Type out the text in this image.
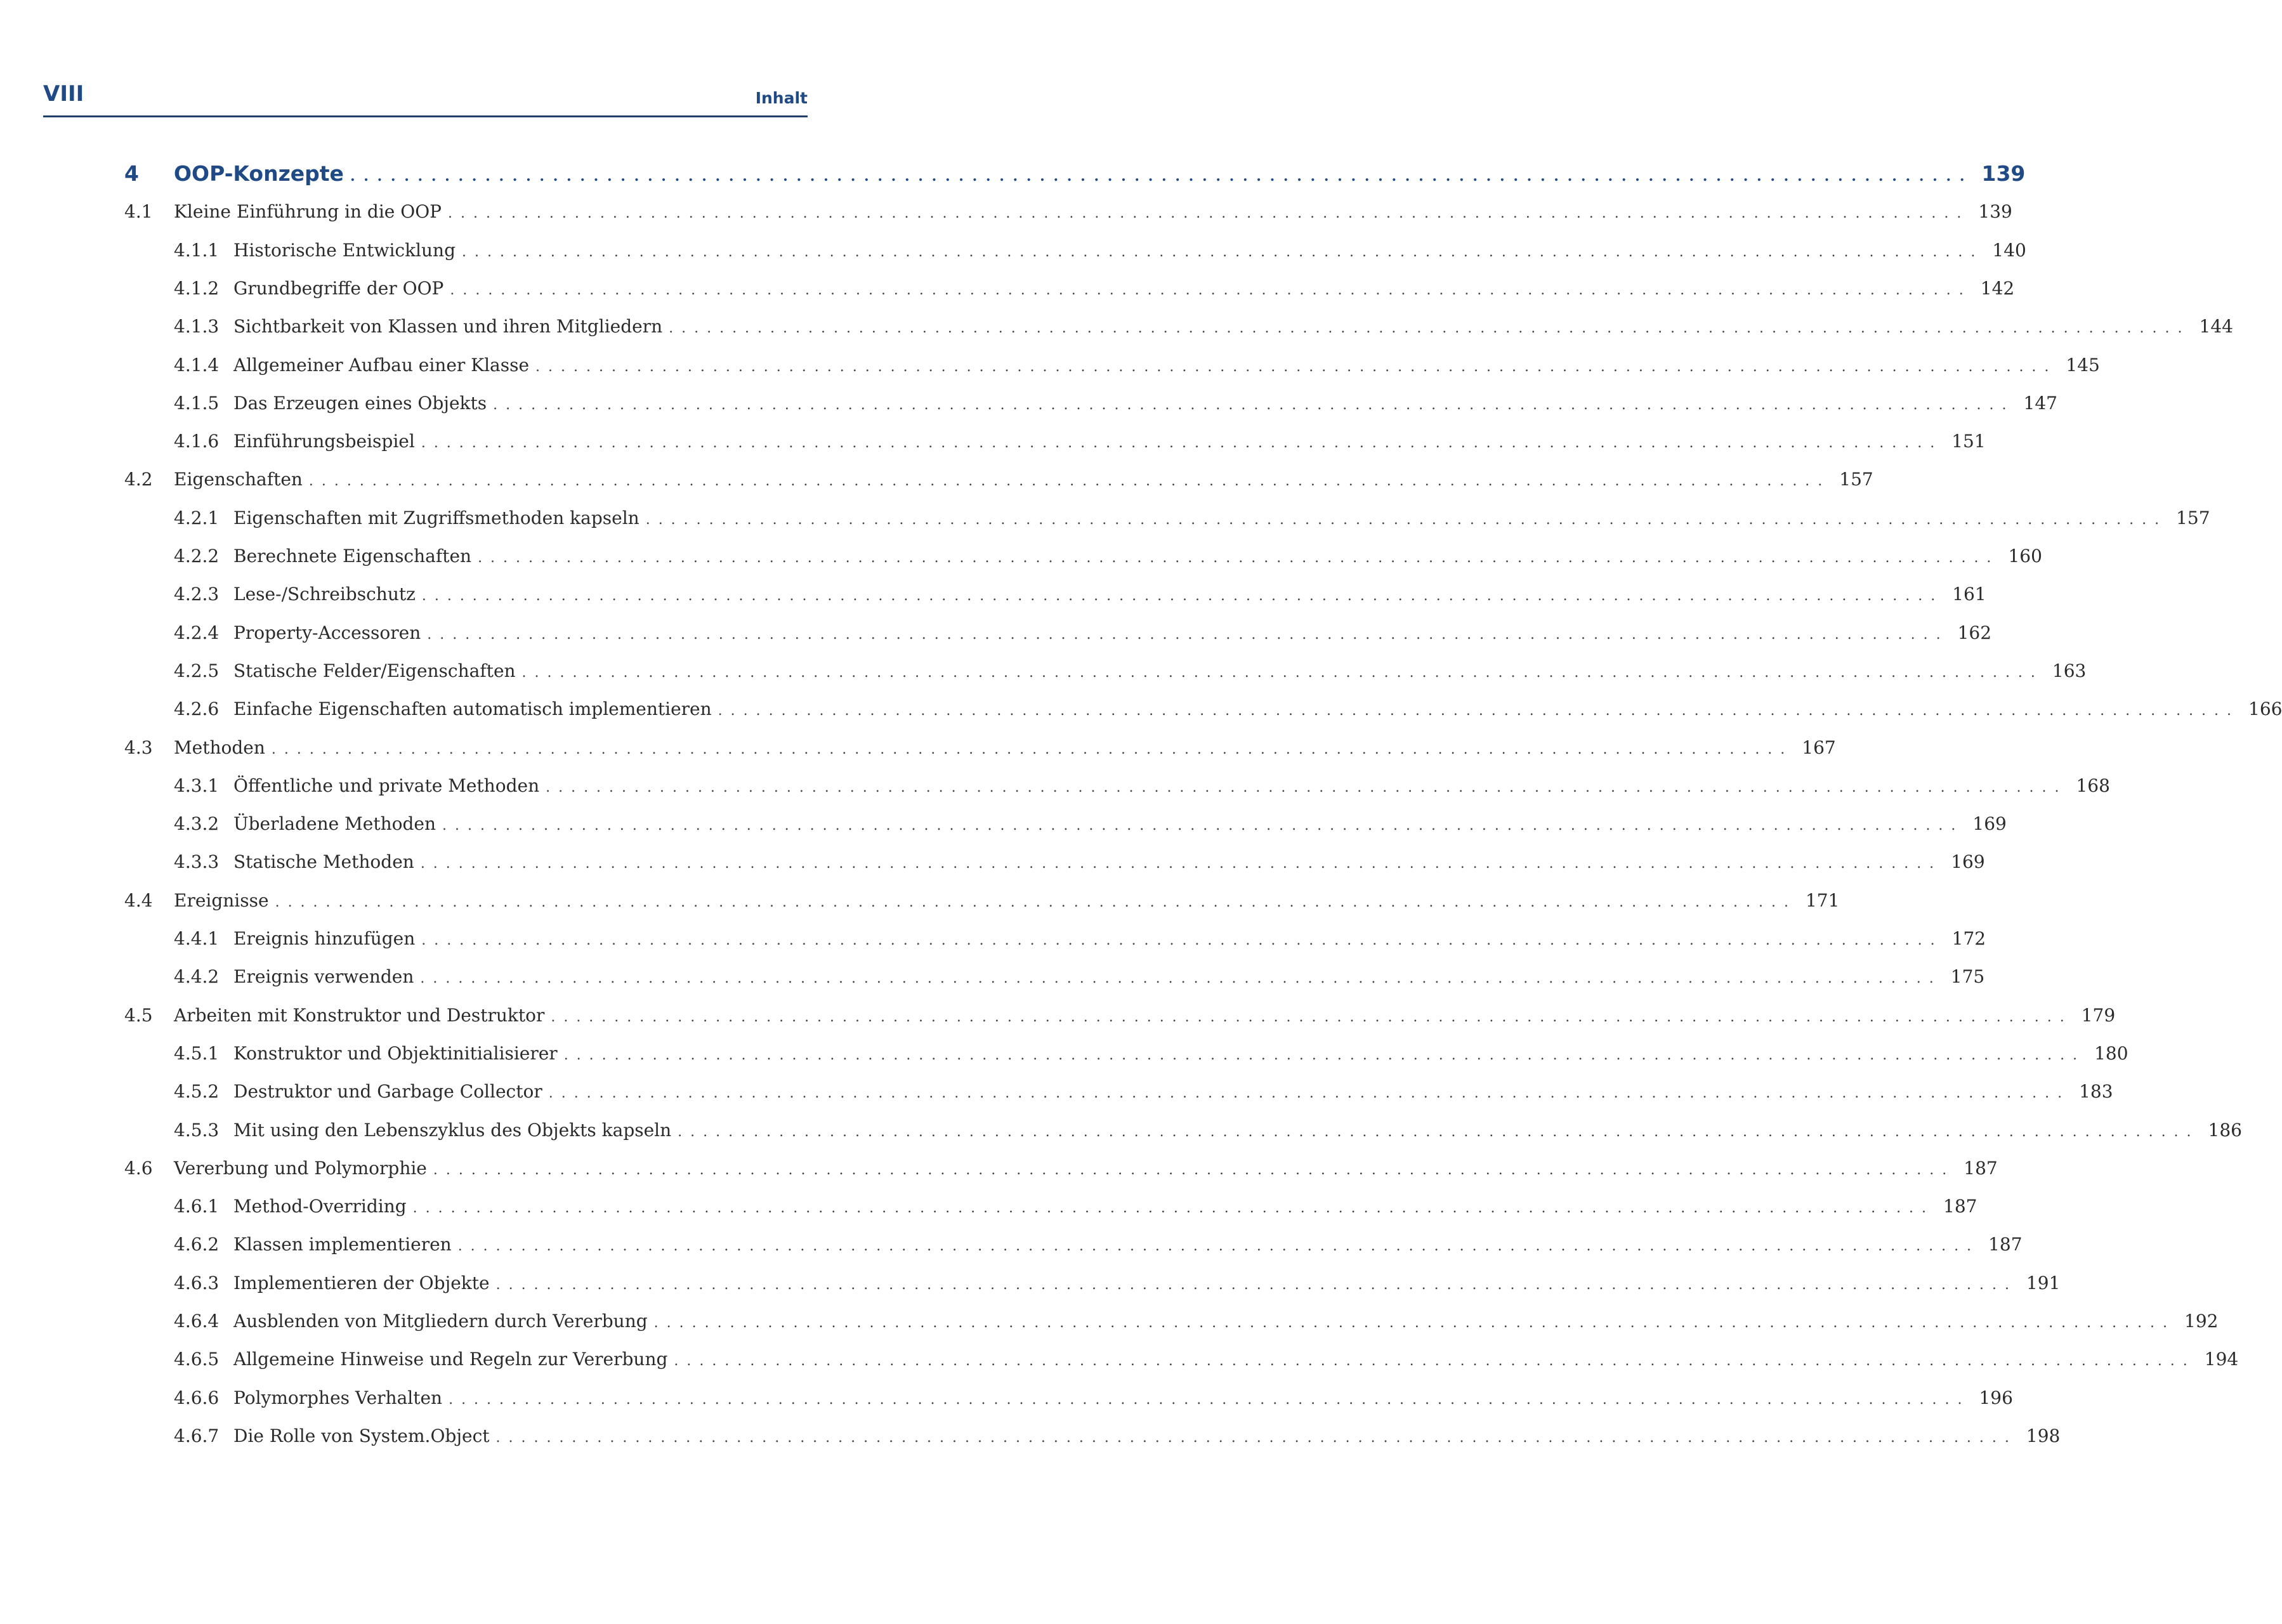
VIII	Inhalt
4	OOP-Konzepte . . . . . . . . . . . . . . . . . . . . . . . . . . . . . . . . . . . . . . . . . . . . . . . . . . . . . . . . . . . . . . . . . . . . . . . . . . . . . . . . . . . . . . . . . . . . . . . . . . . . . . . . . . . . . . . . . . . . . . . . 139
4.1	Kleine Einführung in die OOP . . . . . . . . . . . . . . . . . . . . . . . . . . . . . . . . . . . . . . . . . . . . . . . . . . . . . . . . . . . . . . . . . . . . . . . . . . . . . . . . . . . . . . . . . . . . . . . . . . . . . . . . . . . . . . . . . . . . . . . . 139
4.1.1 Historische Entwicklung . . . . . . . . . . . . . . . . . . . . . . . . . . . . . . . . . . . . . . . . . . . . . . . . . . . . . . . . . . . . . . . . . . . . . . . . . . . . . . . . . . . . . . . . . . . . . . . . . . . . . . . . . . . . . . . . . . . . . . . . 140
4.1.2 Grundbegriffe der OOP . . . . . . . . . . . . . . . . . . . . . . . . . . . . . . . . . . . . . . . . . . . . . . . . . . . . . . . . . . . . . . . . . . . . . . . . . . . . . . . . . . . . . . . . . . . . . . . . . . . . . . . . . . . . . . . . . . . . . . . . 142
4.1.3 Sichtbarkeit von Klassen und ihren Mitgliedern . . . . . . . . . . . . . . . . . . . . . . . . . . . . . . . . . . . . . . . . . . . . . . . . . . . . . . . . . . . . . . . . . . . . . . . . . . . . . . . . . . . . . . . . . . . . . . . . . . . . . . . . . . . . . . . . . . . . . . . . 144
4.1.4 Allgemeiner Aufbau einer Klasse . . . . . . . . . . . . . . . . . . . . . . . . . . . . . . . . . . . . . . . . . . . . . . . . . . . . . . . . . . . . . . . . . . . . . . . . . . . . . . . . . . . . . . . . . . . . . . . . . . . . . . . . . . . . . . . . . . . . . . . . 145
4.1.5 Das Erzeugen eines Objekts . . . . . . . . . . . . . . . . . . . . . . . . . . . . . . . . . . . . . . . . . . . . . . . . . . . . . . . . . . . . . . . . . . . . . . . . . . . . . . . . . . . . . . . . . . . . . . . . . . . . . . . . . . . . . . . . . . . . . . . . 147
4.1.6 Einführungsbeispiel . . . . . . . . . . . . . . . . . . . . . . . . . . . . . . . . . . . . . . . . . . . . . . . . . . . . . . . . . . . . . . . . . . . . . . . . . . . . . . . . . . . . . . . . . . . . . . . . . . . . . . . . . . . . . . . . . . . . . . . . 151
4.2	Eigenschaften . . . . . . . . . . . . . . . . . . . . . . . . . . . . . . . . . . . . . . . . . . . . . . . . . . . . . . . . . . . . . . . . . . . . . . . . . . . . . . . . . . . . . . . . . . . . . . . . . . . . . . . . . . . . . . . . . . . . . . . . 157
4.2.1 Eigenschaften mit Zugriffsmethoden kapseln . . . . . . . . . . . . . . . . . . . . . . . . . . . . . . . . . . . . . . . . . . . . . . . . . . . . . . . . . . . . . . . . . . . . . . . . . . . . . . . . . . . . . . . . . . . . . . . . . . . . . . . . . . . . . . . . . . . . . . . . 157
4.2.2 Berechnete Eigenschaften . . . . . . . . . . . . . . . . . . . . . . . . . . . . . . . . . . . . . . . . . . . . . . . . . . . . . . . . . . . . . . . . . . . . . . . . . . . . . . . . . . . . . . . . . . . . . . . . . . . . . . . . . . . . . . . . . . . . . . . . 160
4.2.3 Lese-/Schreibschutz . . . . . . . . . . . . . . . . . . . . . . . . . . . . . . . . . . . . . . . . . . . . . . . . . . . . . . . . . . . . . . . . . . . . . . . . . . . . . . . . . . . . . . . . . . . . . . . . . . . . . . . . . . . . . . . . . . . . . . . . 161
4.2.4 Property-Accessoren . . . . . . . . . . . . . . . . . . . . . . . . . . . . . . . . . . . . . . . . . . . . . . . . . . . . . . . . . . . . . . . . . . . . . . . . . . . . . . . . . . . . . . . . . . . . . . . . . . . . . . . . . . . . . . . . . . . . . . . . 162
4.2.5 Statische Felder/Eigenschaften . . . . . . . . . . . . . . . . . . . . . . . . . . . . . . . . . . . . . . . . . . . . . . . . . . . . . . . . . . . . . . . . . . . . . . . . . . . . . . . . . . . . . . . . . . . . . . . . . . . . . . . . . . . . . . . . . . . . . . . . 163
4.2.6 Einfache Eigenschaften automatisch implementieren . . . . . . . . . . . . . . . . . . . . . . . . . . . . . . . . . . . . . . . . . . . . . . . . . . . . . . . . . . . . . . . . . . . . . . . . . . . . . . . . . . . . . . . . . . . . . . . . . . . . . . . . . . . . . . . . . . . . . . . . 166
4.3	Methoden . . . . . . . . . . . . . . . . . . . . . . . . . . . . . . . . . . . . . . . . . . . . . . . . . . . . . . . . . . . . . . . . . . . . . . . . . . . . . . . . . . . . . . . . . . . . . . . . . . . . . . . . . . . . . . . . . . . . . . . . 167
4.3.1 Öffentliche und private Methoden . . . . . . . . . . . . . . . . . . . . . . . . . . . . . . . . . . . . . . . . . . . . . . . . . . . . . . . . . . . . . . . . . . . . . . . . . . . . . . . . . . . . . . . . . . . . . . . . . . . . . . . . . . . . . . . . . . . . . . . . 168
4.3.2 Überladene Methoden . . . . . . . . . . . . . . . . . . . . . . . . . . . . . . . . . . . . . . . . . . . . . . . . . . . . . . . . . . . . . . . . . . . . . . . . . . . . . . . . . . . . . . . . . . . . . . . . . . . . . . . . . . . . . . . . . . . . . . . . 169
4.3.3 Statische Methoden . . . . . . . . . . . . . . . . . . . . . . . . . . . . . . . . . . . . . . . . . . . . . . . . . . . . . . . . . . . . . . . . . . . . . . . . . . . . . . . . . . . . . . . . . . . . . . . . . . . . . . . . . . . . . . . . . . . . . . . . 169
4.4	Ereignisse . . . . . . . . . . . . . . . . . . . . . . . . . . . . . . . . . . . . . . . . . . . . . . . . . . . . . . . . . . . . . . . . . . . . . . . . . . . . . . . . . . . . . . . . . . . . . . . . . . . . . . . . . . . . . . . . . . . . . . . . 171
4.4.1 Ereignis hinzufügen . . . . . . . . . . . . . . . . . . . . . . . . . . . . . . . . . . . . . . . . . . . . . . . . . . . . . . . . . . . . . . . . . . . . . . . . . . . . . . . . . . . . . . . . . . . . . . . . . . . . . . . . . . . . . . . . . . . . . . . . 172
4.4.2 Ereignis verwenden . . . . . . . . . . . . . . . . . . . . . . . . . . . . . . . . . . . . . . . . . . . . . . . . . . . . . . . . . . . . . . . . . . . . . . . . . . . . . . . . . . . . . . . . . . . . . . . . . . . . . . . . . . . . . . . . . . . . . . . . 175
4.5	Arbeiten mit Konstruktor und Destruktor . . . . . . . . . . . . . . . . . . . . . . . . . . . . . . . . . . . . . . . . . . . . . . . . . . . . . . . . . . . . . . . . . . . . . . . . . . . . . . . . . . . . . . . . . . . . . . . . . . . . . . . . . . . . . . . . . . . . . . . . 179
4.5.1 Konstruktor und Objektinitialisierer . . . . . . . . . . . . . . . . . . . . . . . . . . . . . . . . . . . . . . . . . . . . . . . . . . . . . . . . . . . . . . . . . . . . . . . . . . . . . . . . . . . . . . . . . . . . . . . . . . . . . . . . . . . . . . . . . . . . . . . . 180
4.5.2 Destruktor und Garbage Collector . . . . . . . . . . . . . . . . . . . . . . . . . . . . . . . . . . . . . . . . . . . . . . . . . . . . . . . . . . . . . . . . . . . . . . . . . . . . . . . . . . . . . . . . . . . . . . . . . . . . . . . . . . . . . . . . . . . . . . . . 183
4.5.3 Mit using den Lebenszyklus des Objekts kapseln . . . . . . . . . . . . . . . . . . . . . . . . . . . . . . . . . . . . . . . . . . . . . . . . . . . . . . . . . . . . . . . . . . . . . . . . . . . . . . . . . . . . . . . . . . . . . . . . . . . . . . . . . . . . . . . . . . . . . . . . 186
4.6	Vererbung und Polymorphie . . . . . . . . . . . . . . . . . . . . . . . . . . . . . . . . . . . . . . . . . . . . . . . . . . . . . . . . . . . . . . . . . . . . . . . . . . . . . . . . . . . . . . . . . . . . . . . . . . . . . . . . . . . . . . . . . . . . . . . . 187
4.6.1 Method-Overriding . . . . . . . . . . . . . . . . . . . . . . . . . . . . . . . . . . . . . . . . . . . . . . . . . . . . . . . . . . . . . . . . . . . . . . . . . . . . . . . . . . . . . . . . . . . . . . . . . . . . . . . . . . . . . . . . . . . . . . . . 187
4.6.2 Klassen implementieren . . . . . . . . . . . . . . . . . . . . . . . . . . . . . . . . . . . . . . . . . . . . . . . . . . . . . . . . . . . . . . . . . . . . . . . . . . . . . . . . . . . . . . . . . . . . . . . . . . . . . . . . . . . . . . . . . . . . . . . . 187
4.6.3 Implementieren der Objekte . . . . . . . . . . . . . . . . . . . . . . . . . . . . . . . . . . . . . . . . . . . . . . . . . . . . . . . . . . . . . . . . . . . . . . . . . . . . . . . . . . . . . . . . . . . . . . . . . . . . . . . . . . . . . . . . . . . . . . . . 191
4.6.4 Ausblenden von Mitgliedern durch Vererbung . . . . . . . . . . . . . . . . . . . . . . . . . . . . . . . . . . . . . . . . . . . . . . . . . . . . . . . . . . . . . . . . . . . . . . . . . . . . . . . . . . . . . . . . . . . . . . . . . . . . . . . . . . . . . . . . . . . . . . . . 192
4.6.5 Allgemeine Hinweise und Regeln zur Vererbung . . . . . . . . . . . . . . . . . . . . . . . . . . . . . . . . . . . . . . . . . . . . . . . . . . . . . . . . . . . . . . . . . . . . . . . . . . . . . . . . . . . . . . . . . . . . . . . . . . . . . . . . . . . . . . . . . . . . . . . . 194
4.6.6 Polymorphes Verhalten . . . . . . . . . . . . . . . . . . . . . . . . . . . . . . . . . . . . . . . . . . . . . . . . . . . . . . . . . . . . . . . . . . . . . . . . . . . . . . . . . . . . . . . . . . . . . . . . . . . . . . . . . . . . . . . . . . . . . . . . 196
4.6.7 Die Rolle von System.Object . . . . . . . . . . . . . . . . . . . . . . . . . . . . . . . . . . . . . . . . . . . . . . . . . . . . . . . . . . . . . . . . . . . . . . . . . . . . . . . . . . . . . . . . . . . . . . . . . . . . . . . . . . . . . . . . . . . . . . . . 198
